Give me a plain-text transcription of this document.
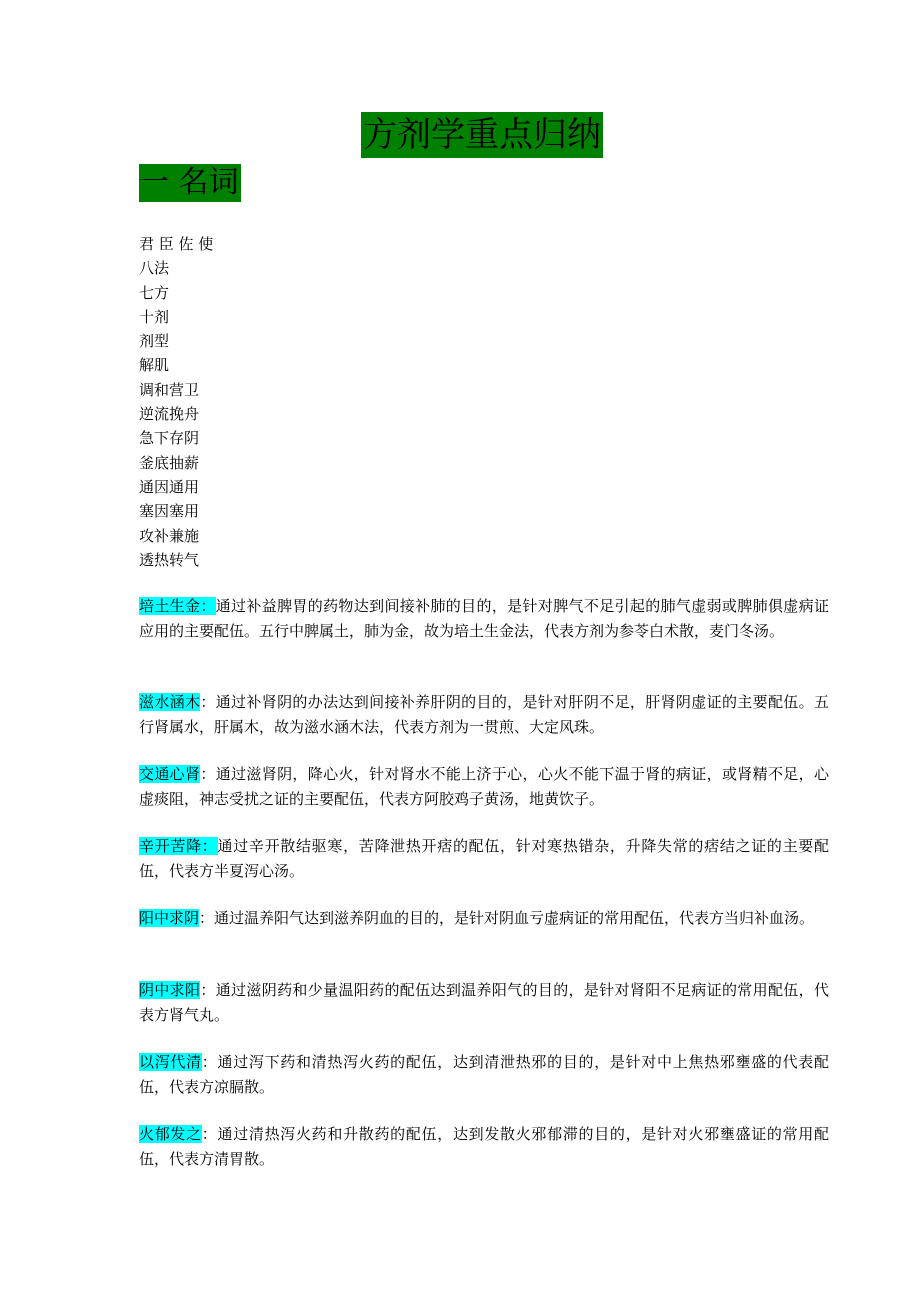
方剂学重点归纳
一 名词
君 臣 佐 使
八法
七方
十剂
剂型
解肌
调和营卫
逆流挽舟
急下存阴
釜底抽薪
通因通用
塞因塞用
攻补兼施
透热转气

培土生金：通过补益脾胃的药物达到间接补肺的目的，是针对脾气不足引起的肺气虚弱或脾肺俱虚病证应用的主要配伍。五行中脾属土，肺为金，故为培土生金法，代表方剂为参苓白术散，麦门冬汤。

滋水涵木：通过补肾阴的办法达到间接补养肝阴的目的，是针对肝阴不足，肝肾阴虚证的主要配伍。五行肾属水，肝属木，故为滋水涵木法，代表方剂为一贯煎、大定风珠。

交通心肾：通过滋肾阴，降心火，针对肾水不能上济于心，心火不能下温于肾的病证，或肾精不足，心虚痰阻，神志受扰之证的主要配伍，代表方阿胶鸡子黄汤，地黄饮子。

辛开苦降：通过辛开散结驱寒，苦降泄热开痞的配伍，针对寒热错杂，升降失常的痞结之证的主要配伍，代表方半夏泻心汤。

阳中求阴：通过温养阳气达到滋养阴血的目的，是针对阴血亏虚病证的常用配伍，代表方当归补血汤。

阴中求阳：通过滋阴药和少量温阳药的配伍达到温养阳气的目的，是针对肾阳不足病证的常用配伍，代表方肾气丸。

以泻代清：通过泻下药和清热泻火药的配伍，达到清泄热邪的目的，是针对中上焦热邪壅盛的代表配伍，代表方凉膈散。

火郁发之：通过清热泻火药和升散药的配伍，达到发散火邪郁滞的目的，是针对火邪壅盛证的常用配伍，代表方清胃散。
